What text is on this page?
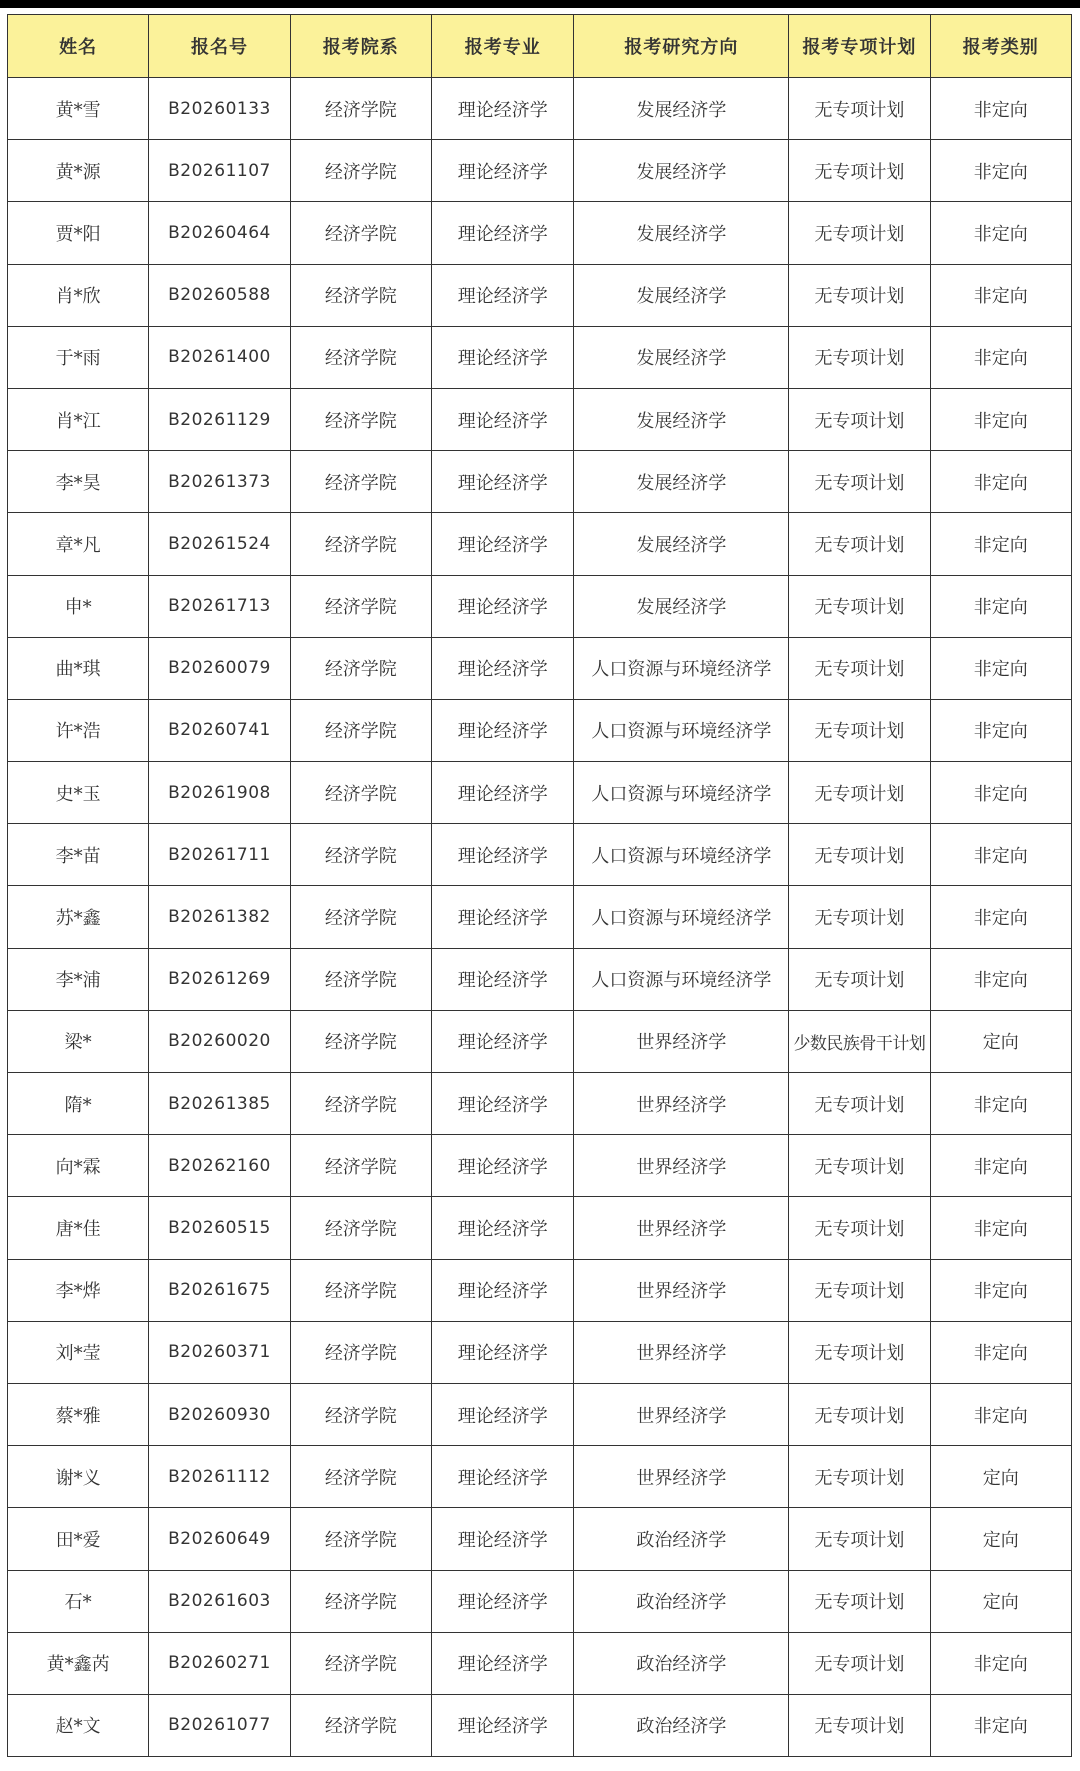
姓名	报名号	报考院系	报考专业	报考研究方向	报考专项计划	报考类别
黄*雪	B20260133	经济学院	理论经济学	发展经济学	无专项计划	非定向
黄*源	B20261107	经济学院	理论经济学	发展经济学	无专项计划	非定向
贾*阳	B20260464	经济学院	理论经济学	发展经济学	无专项计划	非定向
肖*欣	B20260588	经济学院	理论经济学	发展经济学	无专项计划	非定向
于*雨	B20261400	经济学院	理论经济学	发展经济学	无专项计划	非定向
肖*江	B20261129	经济学院	理论经济学	发展经济学	无专项计划	非定向
李*昊	B20261373	经济学院	理论经济学	发展经济学	无专项计划	非定向
章*凡	B20261524	经济学院	理论经济学	发展经济学	无专项计划	非定向
申*	B20261713	经济学院	理论经济学	发展经济学	无专项计划	非定向
曲*琪	B20260079	经济学院	理论经济学	人口资源与环境经济学	无专项计划	非定向
许*浩	B20260741	经济学院	理论经济学	人口资源与环境经济学	无专项计划	非定向
史*玉	B20261908	经济学院	理论经济学	人口资源与环境经济学	无专项计划	非定向
李*苗	B20261711	经济学院	理论经济学	人口资源与环境经济学	无专项计划	非定向
苏*鑫	B20261382	经济学院	理论经济学	人口资源与环境经济学	无专项计划	非定向
李*浦	B20261269	经济学院	理论经济学	人口资源与环境经济学	无专项计划	非定向
梁*	B20260020	经济学院	理论经济学	世界经济学	少数民族骨干计划	定向
隋*	B20261385	经济学院	理论经济学	世界经济学	无专项计划	非定向
向*霖	B20262160	经济学院	理论经济学	世界经济学	无专项计划	非定向
唐*佳	B20260515	经济学院	理论经济学	世界经济学	无专项计划	非定向
李*烨	B20261675	经济学院	理论经济学	世界经济学	无专项计划	非定向
刘*莹	B20260371	经济学院	理论经济学	世界经济学	无专项计划	非定向
蔡*雅	B20260930	经济学院	理论经济学	世界经济学	无专项计划	非定向
谢*义	B20261112	经济学院	理论经济学	世界经济学	无专项计划	定向
田*爱	B20260649	经济学院	理论经济学	政治经济学	无专项计划	定向
石*	B20261603	经济学院	理论经济学	政治经济学	无专项计划	定向
黄*鑫芮	B20260271	经济学院	理论经济学	政治经济学	无专项计划	非定向
赵*文	B20261077	经济学院	理论经济学	政治经济学	无专项计划	非定向
